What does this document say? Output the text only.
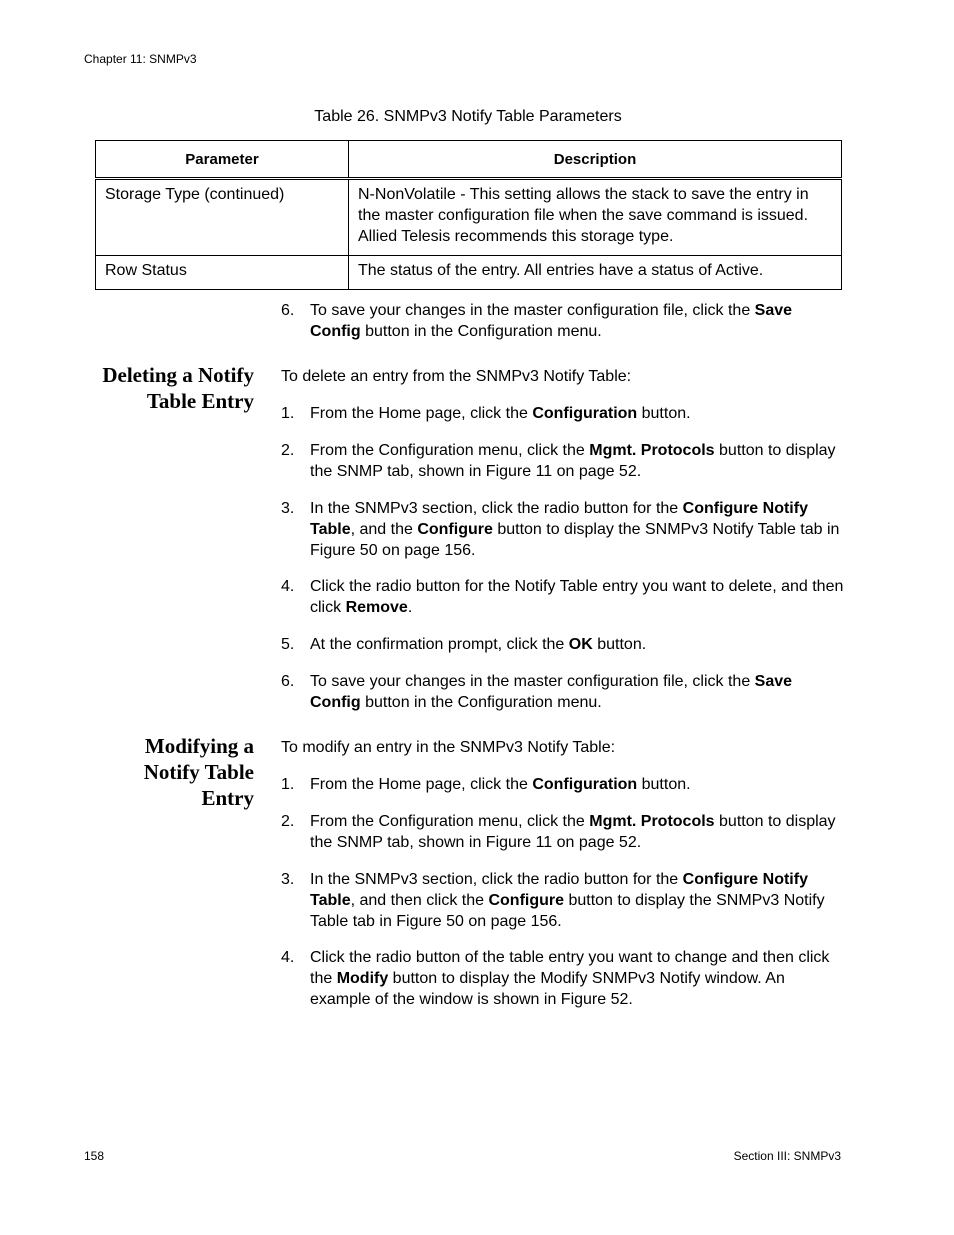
Chapter 11: SNMPv3
Table 26. SNMPv3 Notify Table Parameters
Parameter	Description
Storage Type (continued)	N-NonVolatile - This setting allows the stack to save the entry in the master configuration file when the save command is issued. Allied Telesis recommends this storage type.
Row Status	The status of the entry. All entries have a status of Active.
6. To save your changes in the master configuration file, click the Save Config button in the Configuration menu.
Deleting a Notify
Table Entry
To delete an entry from the SNMPv3 Notify Table:
1. From the Home page, click the Configuration button.
2. From the Configuration menu, click the Mgmt. Protocols button to display the SNMP tab, shown in Figure 11 on page 52.
3. In the SNMPv3 section, click the radio button for the Configure Notify Table, and the Configure button to display the SNMPv3 Notify Table tab in Figure 50 on page 156.
4. Click the radio button for the Notify Table entry you want to delete, and then click Remove.
5. At the confirmation prompt, click the OK button.
6. To save your changes in the master configuration file, click the Save Config button in the Configuration menu.
Modifying a
Notify Table
Entry
To modify an entry in the SNMPv3 Notify Table:
1. From the Home page, click the Configuration button.
2. From the Configuration menu, click the Mgmt. Protocols button to display the SNMP tab, shown in Figure 11 on page 52.
3. In the SNMPv3 section, click the radio button for the Configure Notify Table, and then click the Configure button to display the SNMPv3 Notify Table tab in Figure 50 on page 156.
4. Click the radio button of the table entry you want to change and then click the Modify button to display the Modify SNMPv3 Notify window. An example of the window is shown in Figure 52.
158	Section III: SNMPv3
